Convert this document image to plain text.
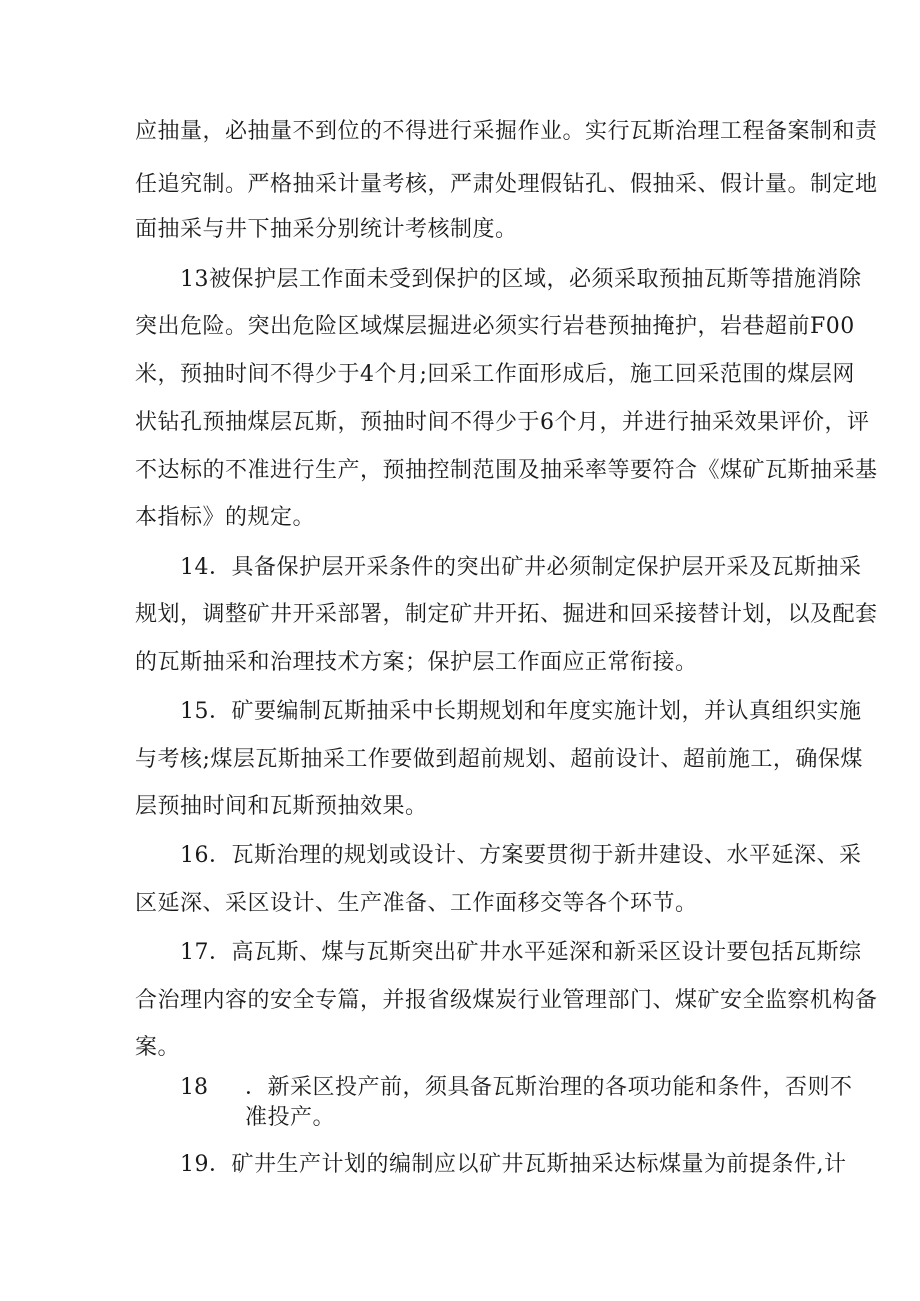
应抽量，必抽量不到位的不得进行采掘作业。实行瓦斯治理工程备案制和责
任追究制。严格抽采计量考核，严肃处理假钻孔、假抽采、假计量。制定地
面抽采与井下抽采分别统计考核制度。
13被保护层工作面未受到保护的区域，必须采取预抽瓦斯等措施消除
突出危险。突出危险区域煤层掘进必须实行岩巷预抽掩护，岩巷超前F00
米，预抽时间不得少于4个月;回采工作面形成后，施工回采范围的煤层网
状钻孔预抽煤层瓦斯，预抽时间不得少于6个月，并进行抽采效果评价，评
不达标的不准进行生产，预抽控制范围及抽采率等要符合《煤矿瓦斯抽采基
本指标》的规定。
14．具备保护层开采条件的突出矿井必须制定保护层开采及瓦斯抽采
规划，调整矿井开采部署，制定矿井开拓、掘进和回采接替计划，以及配套
的瓦斯抽采和治理技术方案；保护层工作面应正常衔接。
15．矿要编制瓦斯抽采中长期规划和年度实施计划，并认真组织实施
与考核;煤层瓦斯抽采工作要做到超前规划、超前设计、超前施工，确保煤
层预抽时间和瓦斯预抽效果。
16．瓦斯治理的规划或设计、方案要贯彻于新井建设、水平延深、采
区延深、采区设计、生产准备、工作面移交等各个环节。
17．高瓦斯、煤与瓦斯突出矿井水平延深和新采区设计要包括瓦斯综
合治理内容的安全专篇，并报省级煤炭行业管理部门、煤矿安全监察机构备
案。
18 ．新采区投产前，须具备瓦斯治理的各项功能和条件，否则不
准投产。
19．矿井生产计划的编制应以矿井瓦斯抽采达标煤量为前提条件,计
